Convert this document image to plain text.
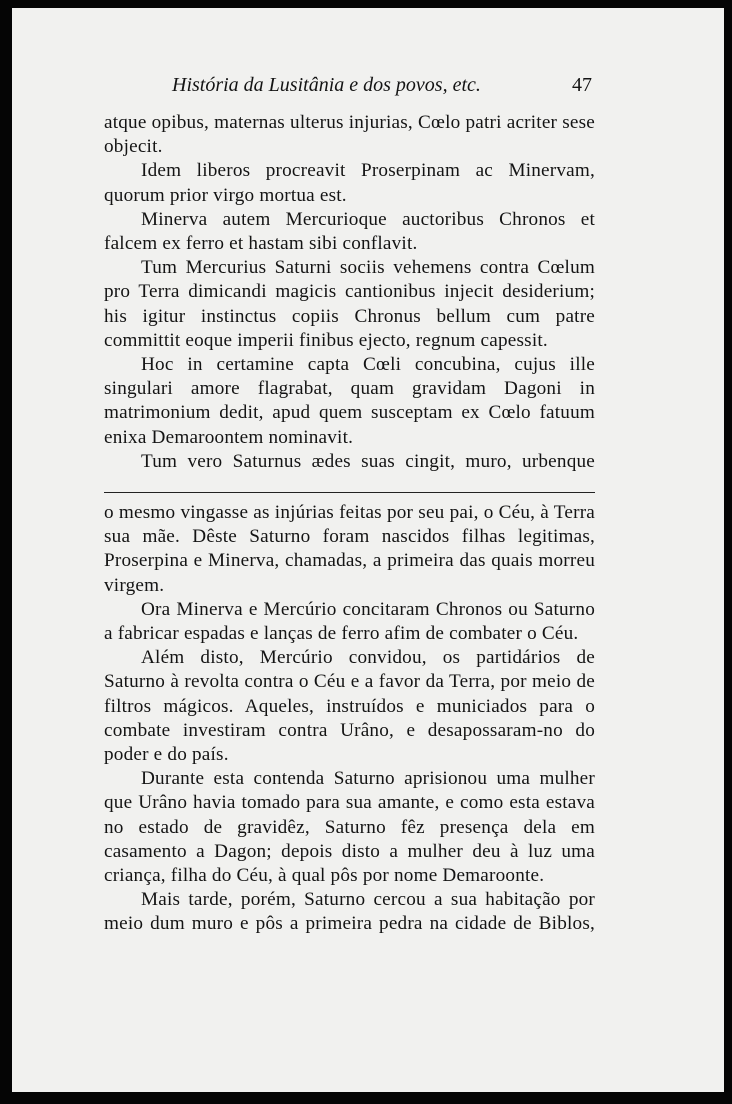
História da Lusitânia e dos povos, etc.	47

atque opibus, maternas ulterus injurias, Cœlo patri acriter sese objecit.

Idem liberos procreavit Proserpinam ac Minervam, quorum prior virgo mortua est.

Minerva autem Mercurioque auctoribus Chronos et falcem ex ferro et hastam sibi conflavit.

Tum Mercurius Saturni sociis vehemens contra Cœlum pro Terra dimicandi magicis cantionibus injecit desiderium; his igitur instinctus copiis Chronus bellum cum patre committit eoque imperii finibus ejecto, regnum capessit.

Hoc in certamine capta Cœli concubina, cujus ille singulari amore flagrabat, quam gravidam Dagoni in matrimonium dedit, apud quem susceptam ex Cœlo fatuum enixa Demaroontem nominavit.

Tum vero Saturnus ædes suas cingit, muro, urbenque

o mesmo vingasse as injúrias feitas por seu pai, o Céu, à Terra sua mãe. Dêste Saturno foram nascidos filhas legitimas, Proserpina e Minerva, chamadas, a primeira das quais morreu virgem.

Ora Minerva e Mercúrio concitaram Chronos ou Saturno a fabricar espadas e lanças de ferro afim de combater o Céu.

Além disto, Mercúrio convidou, os partidários de Saturno à revolta contra o Céu e a favor da Terra, por meio de filtros mágicos. Aqueles, instruídos e municiados para o combate investiram contra Urâno, e desapossaram-no do poder e do país.

Durante esta contenda Saturno aprisionou uma mulher que Urâno havia tomado para sua amante, e como esta estava no estado de gravidêz, Saturno fêz presença dela em casamento a Dagon; depois disto a mulher deu à luz uma criança, filha do Céu, à qual pôs por nome Demaroonte.

Mais tarde, porém, Saturno cercou a sua habitação por meio dum muro e pôs a primeira pedra na cidade de Biblos,
